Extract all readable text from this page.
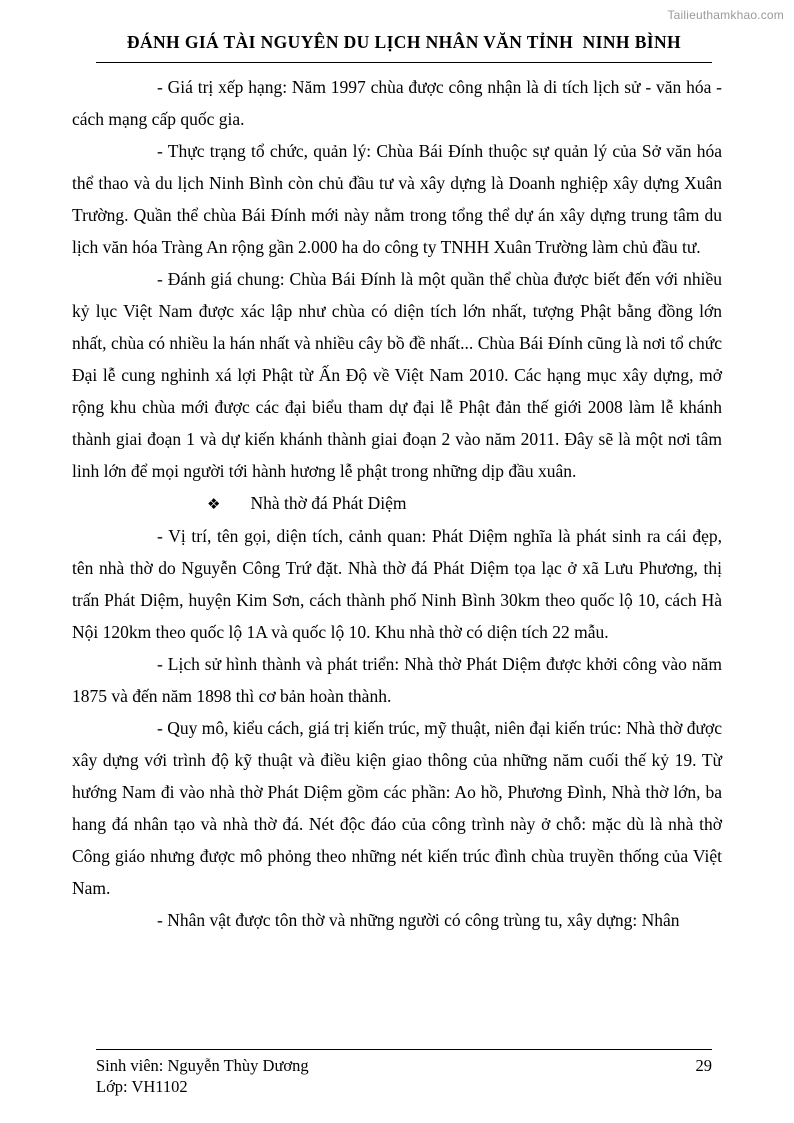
Tailieuthamkhao.com
ĐÁNH GIÁ TÀI NGUYÊN DU LỊCH NHÂN VĂN TỈNH  NINH BÌNH

- Giá trị xếp hạng: Năm 1997 chùa được công nhận là di tích lịch sử - văn hóa - cách mạng cấp quốc gia.

- Thực trạng tổ chức, quản lý: Chùa Bái Đính thuộc sự quản lý của Sở văn hóa thể thao và du lịch Ninh Bình còn chủ đầu tư và xây dựng là Doanh nghiệp xây dựng Xuân Trường. Quần thể chùa Bái Đính mới này nằm trong tổng thể dự án xây dựng trung tâm du lịch văn hóa Tràng An rộng gần 2.000 ha do công ty TNHH Xuân Trường làm chủ đầu tư.

- Đánh giá chung: Chùa Bái Đính là một quần thể chùa được biết đến với nhiều kỷ lục Việt Nam được xác lập như chùa có diện tích lớn nhất, tượng Phật bằng đồng lớn nhất, chùa có nhiều la hán nhất và nhiều cây bồ đề nhất... Chùa Bái Đính cũng là nơi tổ chức Đại lễ cung nghinh xá lợi Phật từ Ấn Độ về Việt Nam 2010. Các hạng mục xây dựng, mở rộng khu chùa mới được các đại biểu tham dự đại lễ Phật đản thế giới 2008 làm lễ khánh thành giai đoạn 1 và dự kiến khánh thành giai đoạn 2 vào năm 2011. Đây sẽ là một nơi tâm linh lớn để mọi người tới hành hương lễ phật trong những dịp đầu xuân.

❖ Nhà thờ đá Phát Diệm

- Vị trí, tên gọi, diện tích, cảnh quan: Phát Diệm nghĩa là phát sinh ra cái đẹp, tên nhà thờ do Nguyễn Công Trứ đặt. Nhà thờ đá Phát Diệm tọa lạc ở xã Lưu Phương, thị trấn Phát Diệm, huyện Kim Sơn, cách thành phố Ninh Bình 30km theo quốc lộ 10, cách Hà Nội 120km theo quốc lộ 1A và quốc lộ 10. Khu nhà thờ có diện tích 22 mẫu.

- Lịch sử hình thành và phát triển: Nhà thờ Phát Diệm được khởi công vào năm 1875 và đến năm 1898 thì cơ bản hoàn thành.

- Quy mô, kiểu cách, giá trị kiến trúc, mỹ thuật, niên đại kiến trúc: Nhà thờ được xây dựng với trình độ kỹ thuật và điều kiện giao thông của những năm cuối thế kỷ 19. Từ hướng Nam đi vào nhà thờ Phát Diệm gồm các phần: Ao hồ, Phương Đình, Nhà thờ lớn, ba hang đá nhân tạo và nhà thờ đá. Nét độc đáo của công trình này ở chỗ: mặc dù là nhà thờ Công giáo nhưng được mô phỏng theo những nét kiến trúc đình chùa truyền thống của Việt Nam.

- Nhân vật được tôn thờ và những người có công trùng tu, xây dựng: Nhân

Sinh viên: Nguyễn Thùy Dương	29
Lớp: VH1102
